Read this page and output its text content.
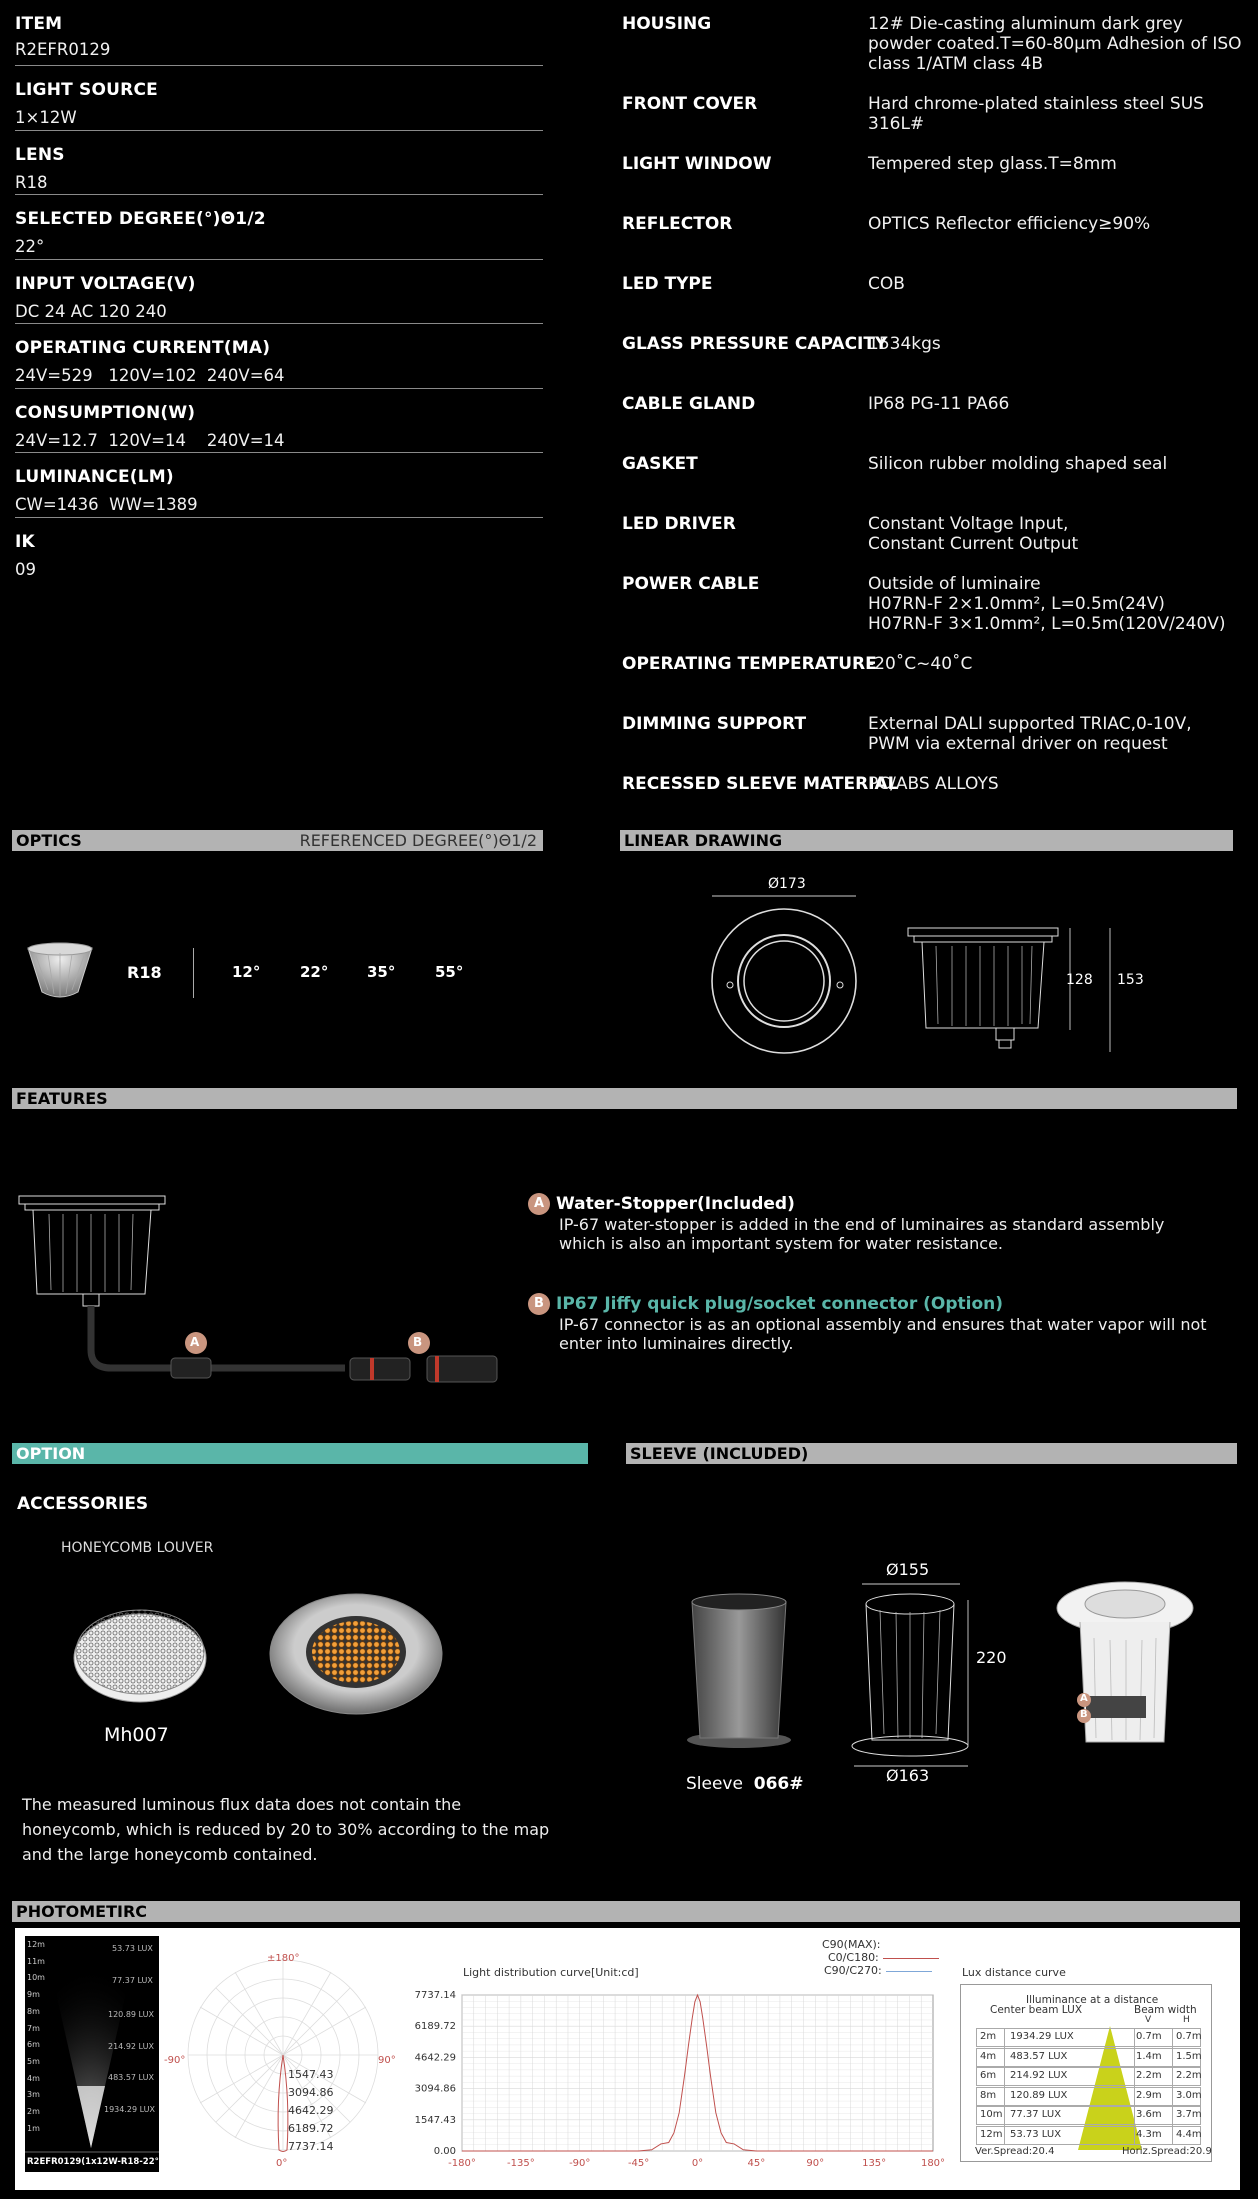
ITEM
R2EFR0129
LIGHT SOURCE
1×12W
LENS
R18
SELECTED DEGREE(°)Θ1/2
22°
INPUT VOLTAGE(V)
DC 24 AC 120 240
OPERATING CURRENT(MA)
24V=529   120V=102  240V=64
CONSUMPTION(W)
24V=12.7  120V=14    240V=14
LUMINANCE(LM)
CW=1436  WW=1389
IK
09
HOUSING	12# Die-casting aluminum dark grey powder coated.T=60-80μm Adhesion of ISO class 1/ATM class 4B
FRONT COVER	Hard chrome-plated stainless steel SUS 316L#
LIGHT WINDOW	Tempered step glass.T=8mm
REFLECTOR	OPTICS Reflector efficiency≥90%
LED TYPE	COB
GLASS PRESSURE CAPACITY
1534kgs
CABLE GLAND	IP68 PG-11 PA66
GASKET	Silicon rubber molding shaped seal
LED DRIVER	Constant Voltage Input,
Constant Current Output
POWER CABLE	Outside of luminaire
H07RN-F 2×1.0mm², L=0.5m(24V)
H07RN-F 3×1.0mm², L=0.5m(120V/240V)
OPERATING TEMPERATURE
-20˚C~40˚C
DIMMING SUPPORT	External DALI supported TRIAC,0-10V,
PWM via external driver on request
RECESSED SLEEVE MATERIAL
PC/ABS ALLOYS
OPTICS	REFERENCED DEGREE(°)Θ1/2
R18	12°	22°	35°	55°
LINEAR DRAWING
Ø173
128 153
FEATURES
A	B
A Water-Stopper(Included)
IP-67 water-stopper is added in the end of luminaires as standard assembly which is also an important system for water resistance.
B IP67 Jiffy quick plug/socket connector (Option)
IP-67 connector is as an optional assembly and ensures that water vapor will not enter into luminaires directly.
OPTION
ACCESSORIES
HONEYCOMB LOUVER
Mh007
The measured luminous flux data does not contain the honeycomb, which is reduced by 20 to 30% according to the map and the large honeycomb contained.
SLEEVE (INCLUDED)
Sleeve 066#
Ø155
220
Ø163
A
B
PHOTOMETIRC
12m
11m
10m
9m
8m
7m
6m
5m
4m
3m
2m
1m
53.73 LUX
77.37 LUX
120.89 LUX
214.92 LUX
483.57 LUX
1934.29 LUX
R2EFR0129(1x12W-R18-22°)
±180°
-90°	90°
0°
1547.43
3094.86
4642.29
6189.72
7737.14
C90(MAX):
C0/C180:
C90/C270:
Light distribution curve[Unit:cd]	Lux distance curve
-180°	-135°	-90°	-45°	0°	45°	90°	135°	180°
0.00
1547.43
3094.86
4642.29
6189.72
7737.14	Illuminance at a distance
Center beam LUX	Beam width
V	H
2m 1934.29 LUX	0.7m 0.7m
4m 483.57 LUX	1.4m 1.5m
6m 214.92 LUX	2.2m 2.2m
8m 120.89 LUX	2.9m 3.0m
10m 77.37 LUX	3.6m 3.7m
12m 53.73 LUX	4.3m 4.4m
Ver.Spread:20.4	Horiz.Spread:20.9
